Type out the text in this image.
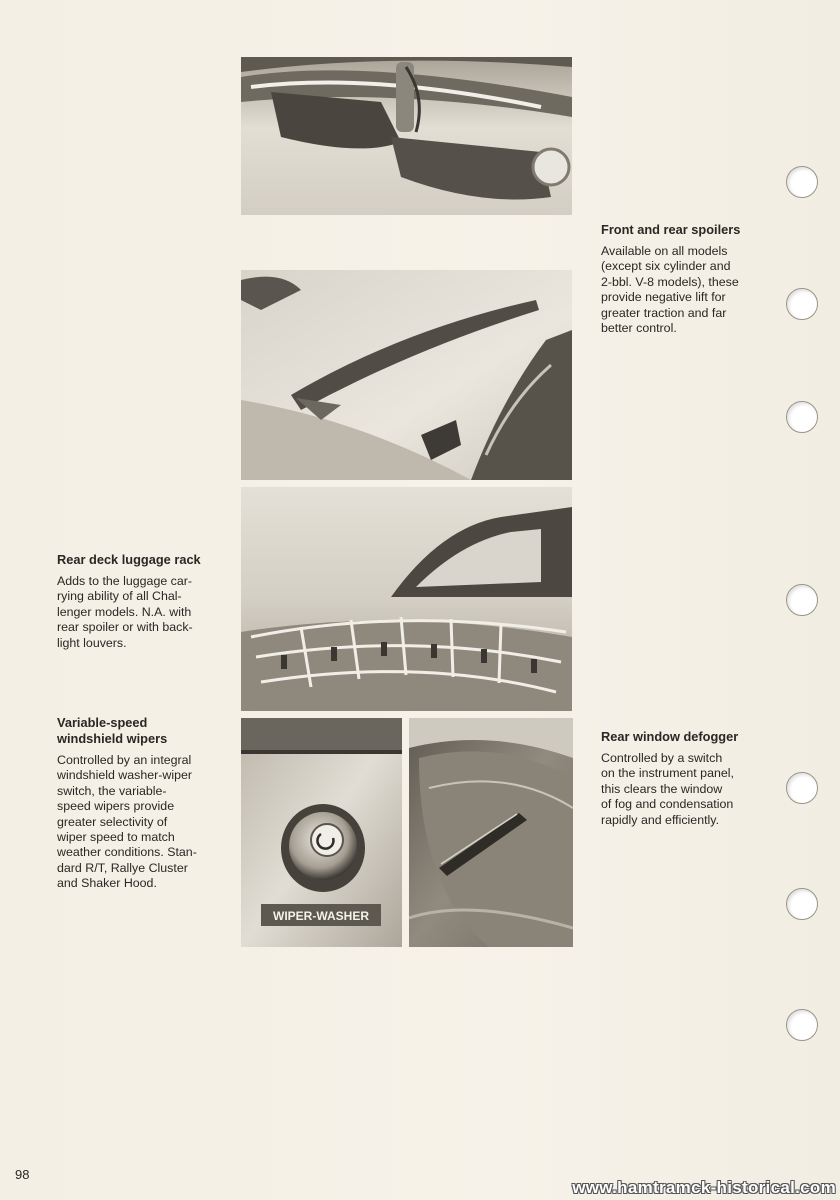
WIPER-WASHER
Front and rear spoilers

Available on all models
(except six cylinder and
2-bbl. V-8 models), these
provide negative lift for
greater traction and far
better control.

Rear deck luggage rack

Adds to the luggage car-
rying ability of all Chal-
lenger models. N.A. with
rear spoiler or with back-
light louvers.

Variable-speed
windshield wipers

Controlled by an integral
windshield washer-wiper
switch, the variable-
speed wipers provide
greater selectivity of
wiper speed to match
weather conditions. Stan-
dard R/T, Rallye Cluster
and Shaker Hood.

Rear window defogger

Controlled by a switch
on the instrument panel,
this clears the window
of fog and condensation
rapidly and efficiently.

98
www.hamtramck-historical.com
